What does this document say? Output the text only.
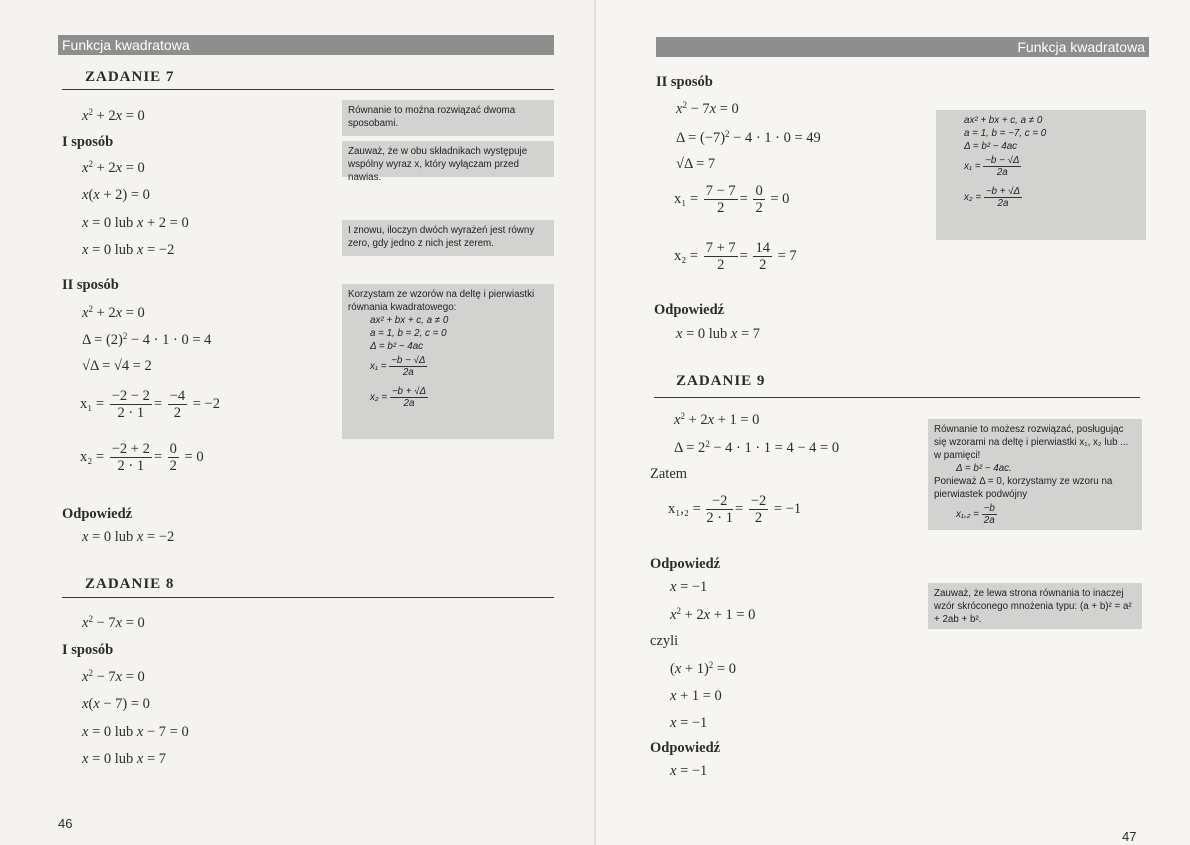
Funkcja kwadratowa
ZADANIE 7
$x^2 + 2x = 0$
I sposób
$x^2 + 2x = 0$
x(x + 2) = 0
x = 0 lub x + 2 = 0
x = 0 lub x = −2
II sposób
$x^2 + 2x = 0$
$\Delta = (2)^2 - 4 \cdot 1 \cdot 0 = 4$
√Δ = √4 = 2
$x_1 = \frac{-2 - 2}{2 \cdot 1} = \frac{-4}{2} = -2$
$x_2 = \frac{-2 + 2}{2 \cdot 1} = \frac{0}{2} = 0$
Odpowiedź
x = 0 lub x = −2
ZADANIE 8
$x^2 - 7x = 0$
I sposób
$x^2 - 7x = 0$
x(x − 7) = 0
x = 0 lub x − 7 = 0
x = 0 lub x = 7
Równanie to można rozwiązać dwoma sposobami.
Zauważ, że w obu składnikach występuje wspólny wyraz x, który wyłączam przed nawias.
I znowu, iloczyn dwóch wyrażeń jest równy zero, gdy jedno z nich jest zerem.
Korzystam ze wzorów na deltę i pierwiastki równania kwadratowego:
ax² + bx + c, a ≠ 0
a = 1, b = 2, c = 0
Δ = b² − 4ac
$x_1 = \frac{-b - √\Delta}{2a}$
$x_2 = \frac{-b + √\Delta}{2a}$
46
Funkcja kwadratowa
II sposób
$x^2 - 7x = 0$
$\Delta = (-7)^2 - 4 \cdot 1 \cdot 0 = 49$
√Δ = 7
$x_1 = \frac{7 - 7}{2} = \frac{0}{2} = 0$
$x_2 = \frac{7 + 7}{2} = \frac{14}{2} = 7$
Odpowiedź
x = 0 lub x = 7
ax² + bx + c, a ≠ 0
a = 1, b = −7, c = 0
Δ = b² − 4ac
$x_1 = \frac{-b - √\Delta}{2a}$
$x_2 = \frac{-b + √\Delta}{2a}$
ZADANIE 9
$x^2 + 2x + 1 = 0$
$\Delta = 2^2 - 4 \cdot 1 \cdot 1 = 4 - 4 = 0$
Zatem
$x_1,_2 = \frac{-2}{2 \cdot 1} = \frac{-2}{2} = -1$
Odpowiedź
x = −1
$x^2 + 2x + 1 = 0$
czyli
$(x + 1)^2 = 0$
x + 1 = 0
x = −1
Odpowiedź
x = −1
Równanie to możesz rozwiązać, posługując się wzorami na deltę i pierwiastki x₁, x₂ lub ... w pamięci!
Δ = b² − 4ac.
Ponieważ Δ = 0, korzystamy ze wzoru na pierwiastek podwójny
$x_1,_2 = \frac{-b}{2a}$
Zauważ, że lewa strona równania to inaczej wzór skróconego mnożenia typu: (a + b)² = a² + 2ab + b².
47
